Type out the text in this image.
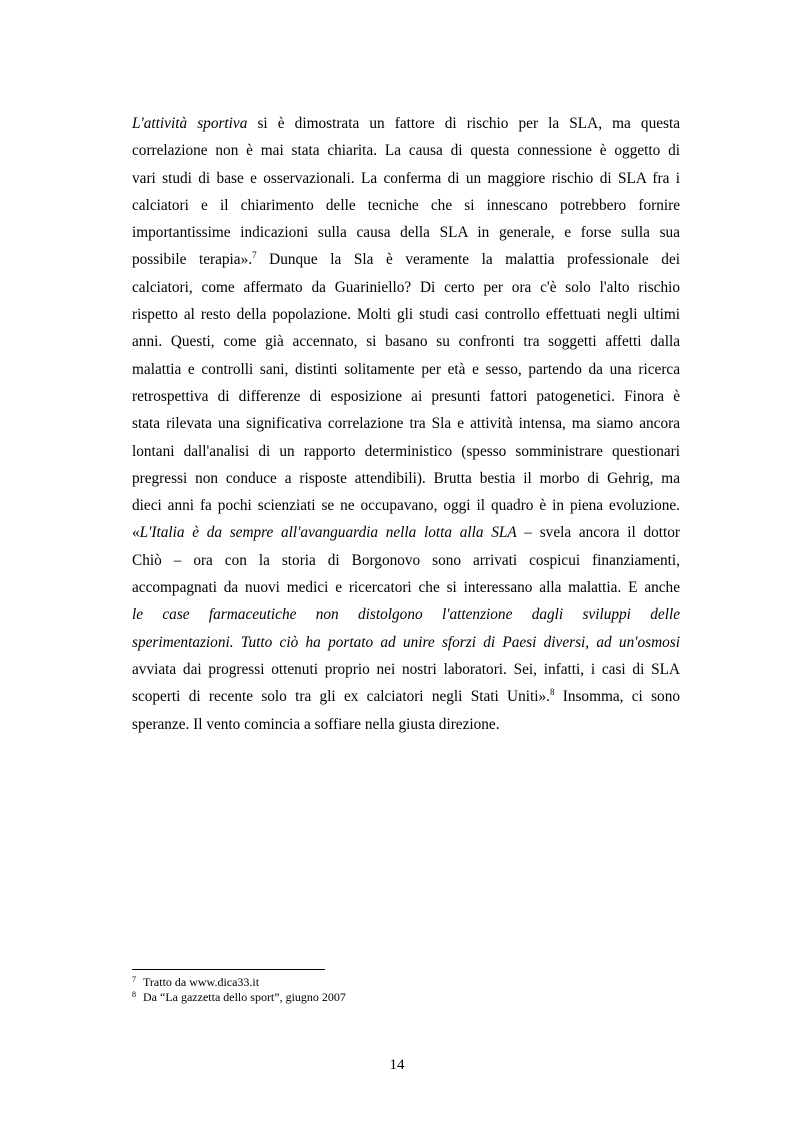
L'attività sportiva si è dimostrata un fattore di rischio per la SLA, ma questa
correlazione non è mai stata chiarita. La causa di questa connessione è oggetto di
vari studi di base e osservazionali. La conferma di un maggiore rischio di SLA fra i
calciatori e il chiarimento delle tecniche che si innescano potrebbero fornire
importantissime indicazioni sulla causa della SLA in generale, e forse sulla sua
possibile terapia».$^7$ Dunque la Sla è veramente la malattia professionale dei
calciatori, come affermato da Guariniello? Di certo per ora c'è solo l'alto rischio
rispetto al resto della popolazione. Molti gli studi casi controllo effettuati negli ultimi
anni. Questi, come già accennato, si basano su confronti tra soggetti affetti dalla
malattia e controlli sani, distinti solitamente per età e sesso, partendo da una ricerca
retrospettiva di differenze di esposizione ai presunti fattori patogenetici. Finora è
stata rilevata una significativa correlazione tra Sla e attività intensa, ma siamo ancora
lontani dall'analisi di un rapporto deterministico (spesso somministrare questionari
pregressi non conduce a risposte attendibili). Brutta bestia il morbo di Gehrig, ma
dieci anni fa pochi scienziati se ne occupavano, oggi il quadro è in piena evoluzione.
«L'Italia è da sempre all'avanguardia nella lotta alla SLA – svela ancora il dottor
Chiò – ora con la storia di Borgonovo sono arrivati cospicui finanziamenti,
accompagnati da nuovi medici e ricercatori che si interessano alla malattia. E anche
le case farmaceutiche non distolgono l'attenzione dagli sviluppi delle
sperimentazioni. Tutto ciò ha portato ad unire sforzi di Paesi diversi, ad un'osmosi
avviata dai progressi ottenuti proprio nei nostri laboratori. Sei, infatti, i casi di SLA
scoperti di recente solo tra gli ex calciatori negli Stati Uniti».$^8$ Insomma, ci sono
speranze. Il vento comincia a soffiare nella giusta direzione.
7 Tratto da www.dica33.it
8 Da “La gazzetta dello sport”, giugno 2007
14
